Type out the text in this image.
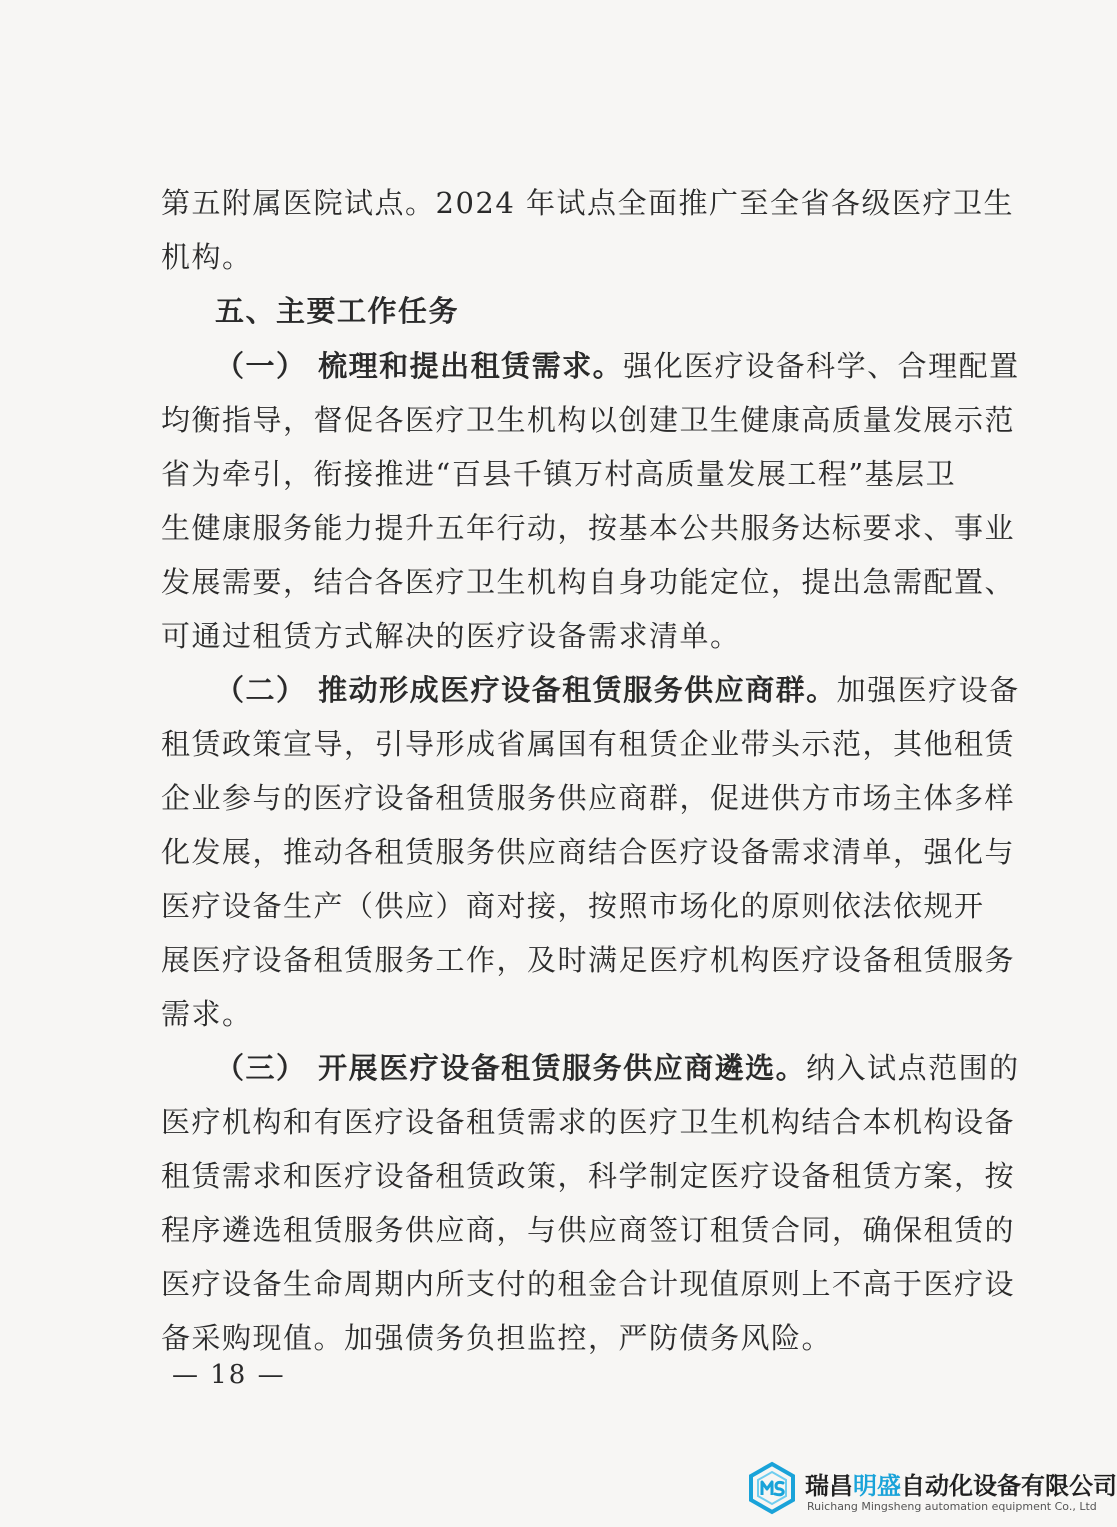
第五附属医院试点。2024 年试点全面推广至全省各级医疗卫生
机构。
五、主要工作任务
（一） 梳理和提出租赁需求。强化医疗设备科学、合理配置
均衡指导，督促各医疗卫生机构以创建卫生健康高质量发展示范
省为牵引，衔接推进“百县千镇万村高质量发展工程”基层卫
生健康服务能力提升五年行动，按基本公共服务达标要求、事业
发展需要，结合各医疗卫生机构自身功能定位，提出急需配置、
可通过租赁方式解决的医疗设备需求清单。
（二） 推动形成医疗设备租赁服务供应商群。加强医疗设备
租赁政策宣导，引导形成省属国有租赁企业带头示范，其他租赁
企业参与的医疗设备租赁服务供应商群，促进供方市场主体多样
化发展，推动各租赁服务供应商结合医疗设备需求清单，强化与
医疗设备生产（供应）商对接，按照市场化的原则依法依规开
展医疗设备租赁服务工作，及时满足医疗机构医疗设备租赁服务
需求。
（三） 开展医疗设备租赁服务供应商遴选。纳入试点范围的
医疗机构和有医疗设备租赁需求的医疗卫生机构结合本机构设备
租赁需求和医疗设备租赁政策，科学制定医疗设备租赁方案，按
程序遴选租赁服务供应商，与供应商签订租赁合同，确保租赁的
医疗设备生命周期内所支付的租金合计现值原则上不高于医疗设
备采购现值。加强债务负担监控，严防债务风险。
— 18 —
瑞昌明盛自动化设备有限公司
Ruichang Mingsheng automation equipment Co., Ltd
